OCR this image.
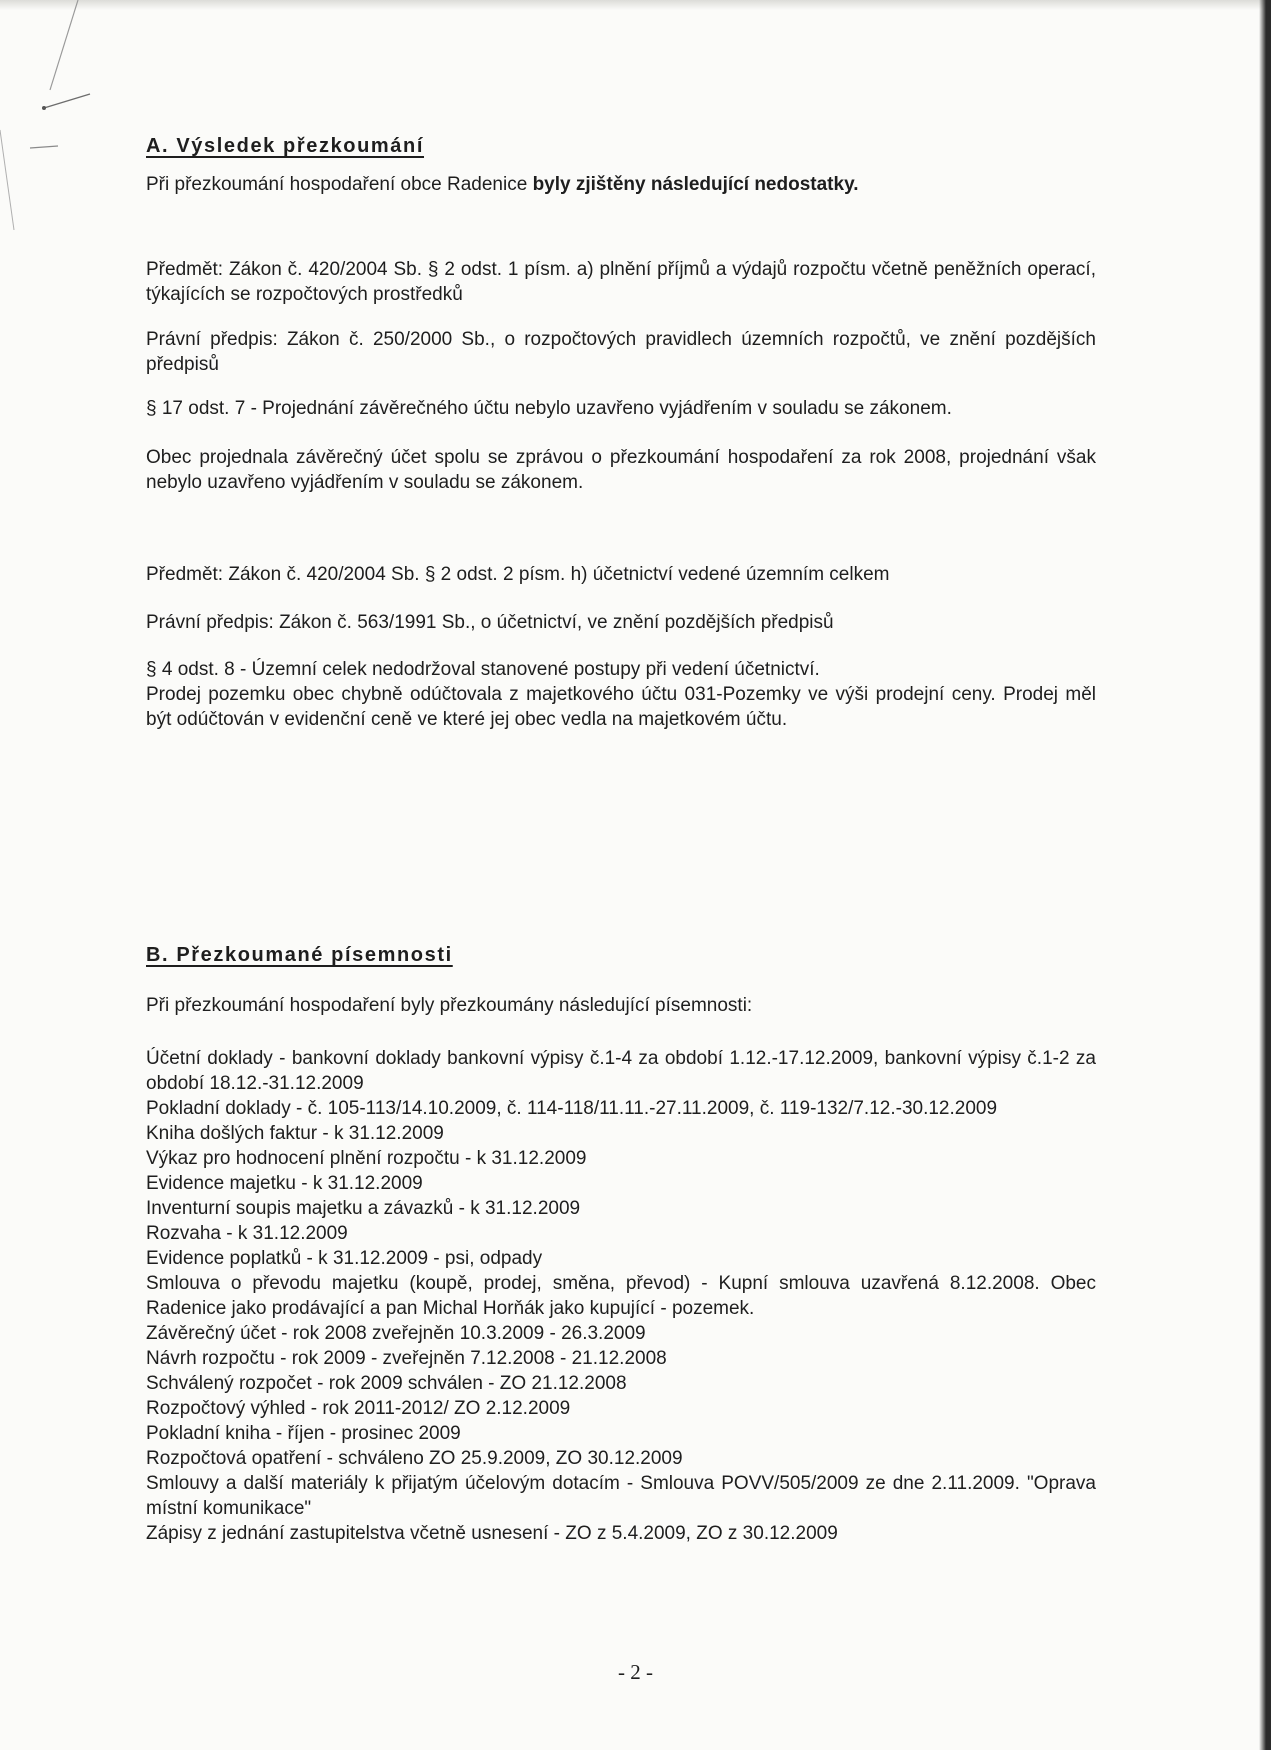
A. Výsledek přezkoumání
Při přezkoumání hospodaření obce Radenice byly zjištěny následující nedostatky.
Předmět: Zákon č. 420/2004 Sb. § 2 odst. 1 písm. a) plnění příjmů a výdajů rozpočtu včetně peněžních operací, týkajících se rozpočtových prostředků
Právní předpis: Zákon č. 250/2000 Sb., o rozpočtových pravidlech územních rozpočtů, ve znění pozdějších předpisů
§ 17 odst. 7 - Projednání závěrečného účtu nebylo uzavřeno vyjádřením v souladu se zákonem.
Obec projednala závěrečný účet spolu se zprávou o přezkoumání hospodaření za rok 2008, projednání však nebylo uzavřeno vyjádřením v souladu se zákonem.
Předmět: Zákon č. 420/2004 Sb. § 2 odst. 2 písm. h) účetnictví vedené územním celkem
Právní předpis: Zákon č. 563/1991 Sb., o účetnictví, ve znění pozdějších předpisů
§ 4 odst. 8 - Územní celek nedodržoval stanovené postupy při vedení účetnictví.
Prodej pozemku obec chybně odúčtovala z majetkového účtu 031-Pozemky ve výši prodejní ceny. Prodej měl být odúčtován v evidenční ceně ve které jej obec vedla na majetkovém účtu.
B. Přezkoumané písemnosti
Při přezkoumání hospodaření byly přezkoumány následující písemnosti:
Účetní doklady - bankovní doklady bankovní výpisy č.1-4 za období 1.12.-17.12.2009, bankovní výpisy č.1-2 za období 18.12.-31.12.2009
Pokladní doklady - č. 105-113/14.10.2009, č. 114-118/11.11.-27.11.2009, č. 119-132/7.12.-30.12.2009
Kniha došlých faktur - k 31.12.2009
Výkaz pro hodnocení plnění rozpočtu - k 31.12.2009
Evidence majetku - k 31.12.2009
Inventurní soupis majetku a závazků - k 31.12.2009
Rozvaha - k 31.12.2009
Evidence poplatků - k 31.12.2009 - psi, odpady
Smlouva o převodu majetku (koupě, prodej, směna, převod) - Kupní smlouva uzavřená 8.12.2008. Obec Radenice jako prodávající a pan Michal Horňák jako kupující - pozemek.
Závěrečný účet - rok 2008 zveřejněn 10.3.2009 - 26.3.2009
Návrh rozpočtu - rok 2009 - zveřejněn 7.12.2008 - 21.12.2008
Schválený rozpočet - rok 2009 schválen - ZO 21.12.2008
Rozpočtový výhled - rok 2011-2012/ ZO 2.12.2009
Pokladní kniha - říjen - prosinec 2009
Rozpočtová opatření - schváleno ZO 25.9.2009, ZO 30.12.2009
Smlouvy a další materiály k přijatým účelovým dotacím - Smlouva POVV/505/2009 ze dne 2.11.2009. "Oprava místní komunikace"
Zápisy z jednání zastupitelstva včetně usnesení - ZO z 5.4.2009, ZO z 30.12.2009
- 2 -
